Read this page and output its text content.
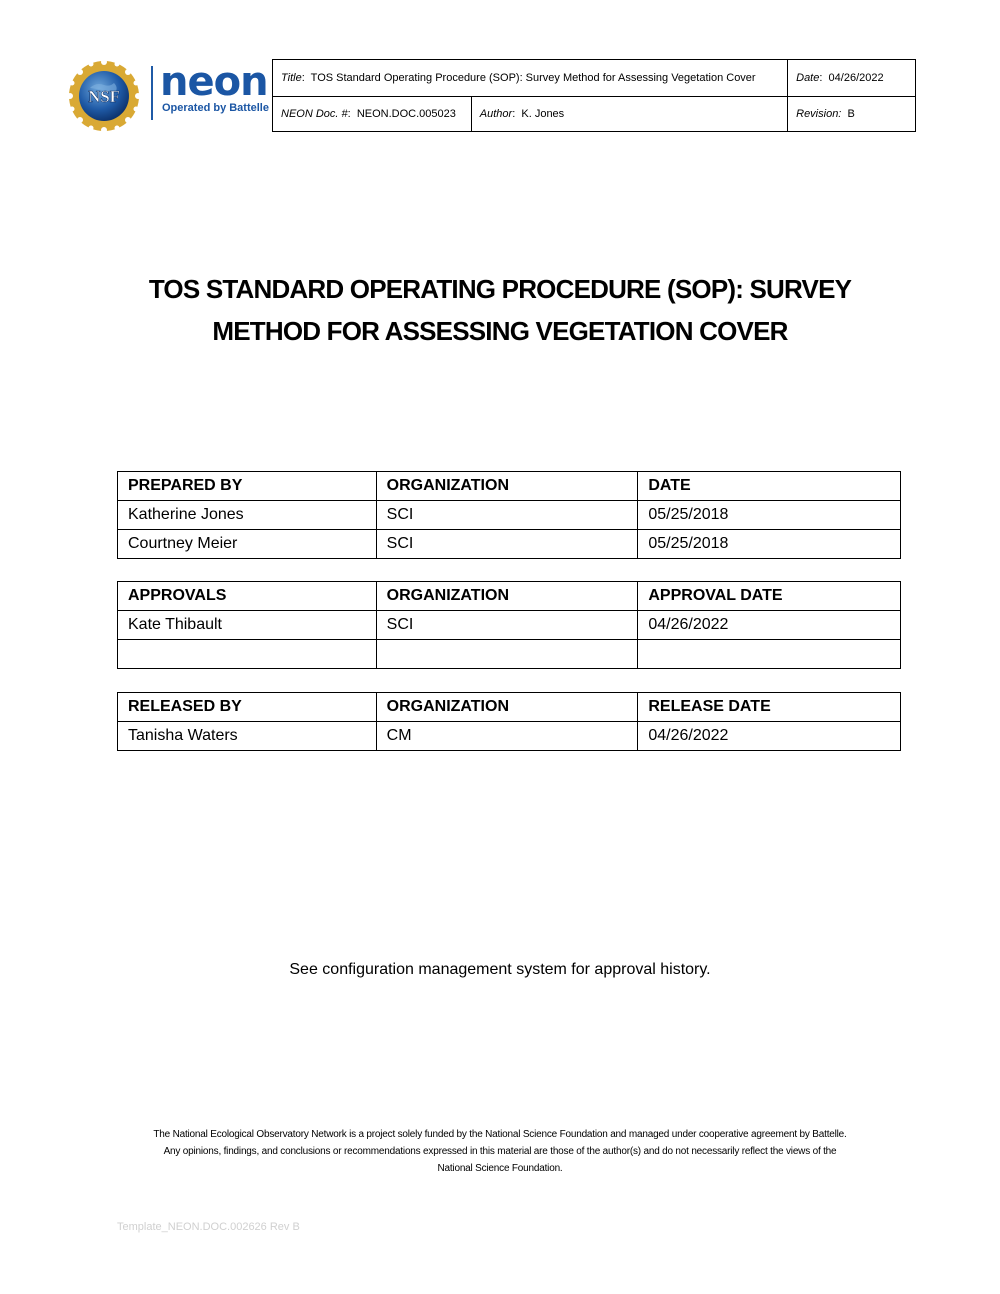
NSF neon
Operated by Battelle
Title:  TOS Standard Operating Procedure (SOP): Survey Method for Assessing Vegetation Cover		Date:  04/26/2022
NEON Doc. #:  NEON.DOC.005023	Author:  K. Jones	Revision: B
TOS STANDARD OPERATING PROCEDURE (SOP): SURVEY
METHOD FOR ASSESSING VEGETATION COVER
PREPARED BY	ORGANIZATION	DATE
Katherine Jones	SCI	05/25/2018
Courtney Meier	SCI	05/25/2018
APPROVALS	ORGANIZATION	APPROVAL DATE
Kate Thibault	SCI	04/26/2022

RELEASED BY	ORGANIZATION	RELEASE DATE
Tanisha Waters	CM	04/26/2022
See configuration management system for approval history.
The National Ecological Observatory Network is a project solely funded by the National Science Foundation and managed under cooperative agreement by Battelle.
Any opinions, findings, and conclusions or recommendations expressed in this material are those of the author(s) and do not necessarily reflect the views of the
National Science Foundation.
Template_NEON.DOC.002626 Rev B
